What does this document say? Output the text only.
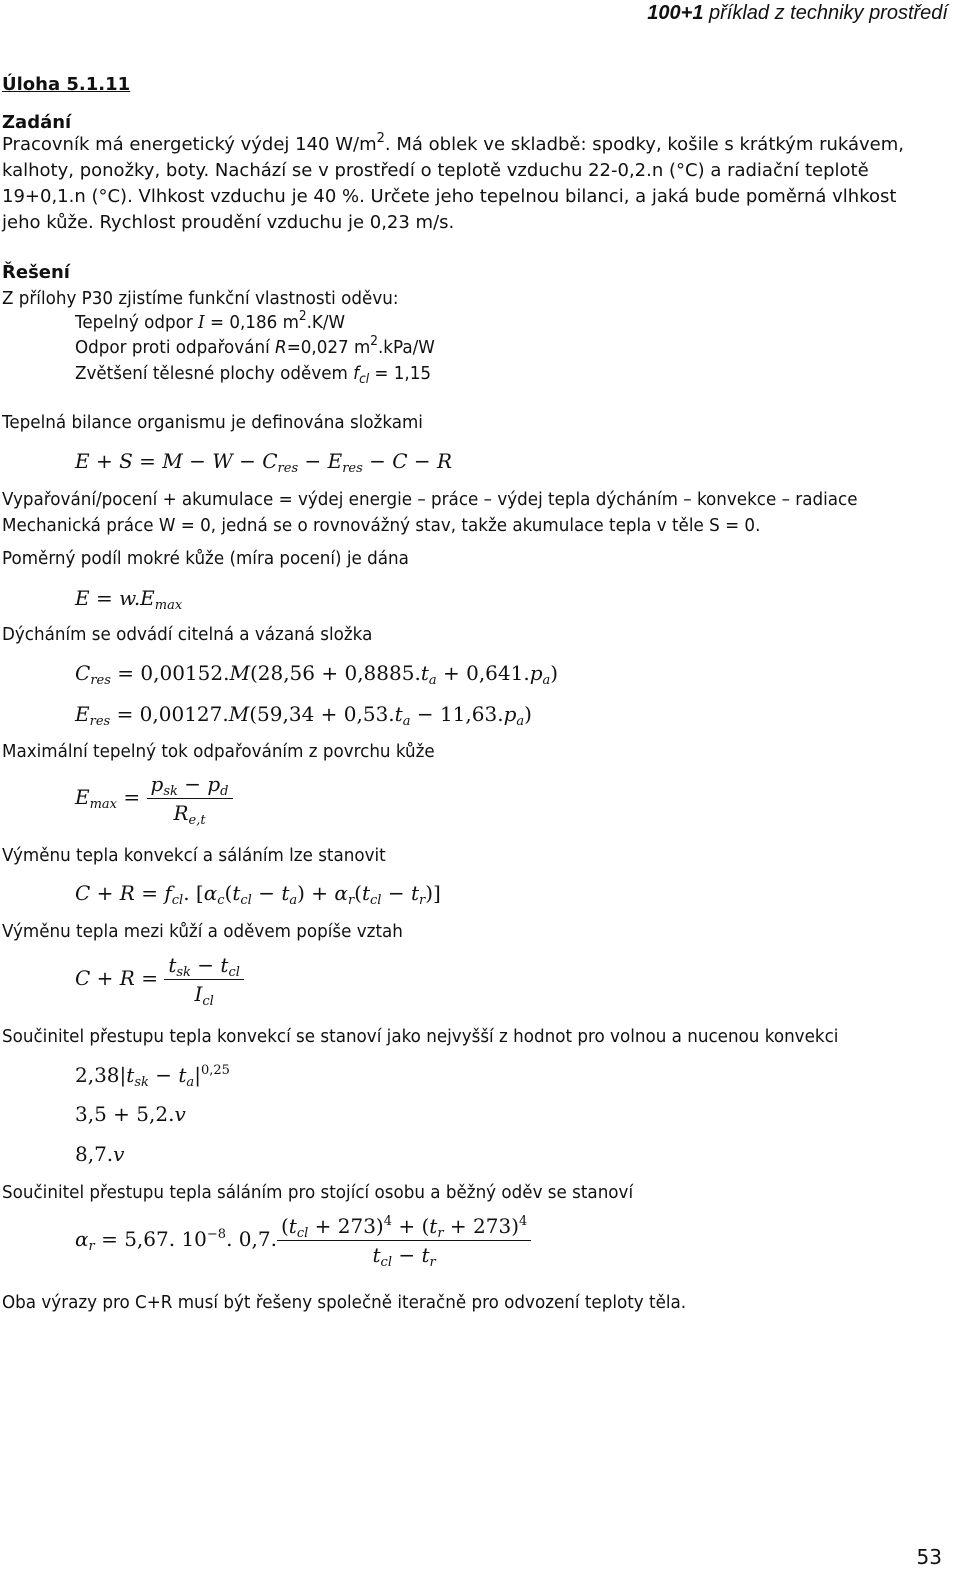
100+1 příklad z techniky prostředí
Úloha 5.1.11
Zadání
Pracovník má energetický výdej 140 $W/m^2$. Má oblek ve skladbě: spodky, košile s krátkým rukávem,
kalhoty, ponožky, boty. Nachází se v prostředí o teplotě vzduchu 22-0,2.n (°C) a radiační teplotě
19+0,1.n (°C). Vlhkost vzduchu je 40 %. Určete jeho tepelnou bilanci, a jaká bude poměrná vlhkost
jeho kůže. Rychlost proudění vzduchu je 0,23 m/s.
Řešení
Z přílohy P30 zjistíme funkční vlastnosti oděvu:
Tepelný odpor I = 0,186 $m^2.K/W$
Odpor proti odpařování R=0,027 $m^2.kPa/W$
Zvětšení tělesné plochy oděvem $f_{cl} = 1,15$
Tepelná bilance organismu je definována složkami
$E + S = M - W - C_{res} - E_{res} - C - R$
Vypařování/pocení + akumulace = výdej energie – práce – výdej tepla dýcháním – konvekce – radiace
Mechanická práce W = 0, jedná se o rovnovážný stav, takže akumulace tepla v těle S = 0.
Poměrný podíl mokré kůže (míra pocení) je dána
$E = w.E_{max}$
Dýcháním se odvádí citelná a vázaná složka
$C_{res} = 0,00152.M(28,56 + 0,8885.t_a + 0,641.p_a)$
$E_{res} = 0,00127.M(59,34 + 0,53.t_a - 11,63.p_a)$
Maximální tepelný tok odpařováním z povrchu kůže
$E_{max} = \frac{p_{sk} - p_d}{R_{e,t}}$
Výměnu tepla konvekcí a sáláním lze stanovit
$C + R = f_{cl}$. $[\alpha_c(t_{cl} - t_a) + \alpha_r(t_{cl} - t_r)]$
Výměnu tepla mezi kůží a oděvem popíše vztah
$C + R = \frac{t_{sk} - t_{cl}}{I_{cl}}$
Součinitel přestupu tepla konvekcí se stanoví jako nejvyšší z hodnot pro volnou a nucenou konvekci
$2,38|t_{sk} - t_a|^{0,25}$
3,5 + 5,2.v
8,7.v
Součinitel přestupu tepla sáláním pro stojící osobu a běžný oděv se stanoví
$\alpha_r = 5,67$. $10^{-8}$. 0,7. $\frac{(t_{cl} + 273)^4 + (t_r + 273)^4}{t_{cl} - t_r}$
Oba výrazy pro C+R musí být řešeny společně iteračně pro odvození teploty těla.
53
